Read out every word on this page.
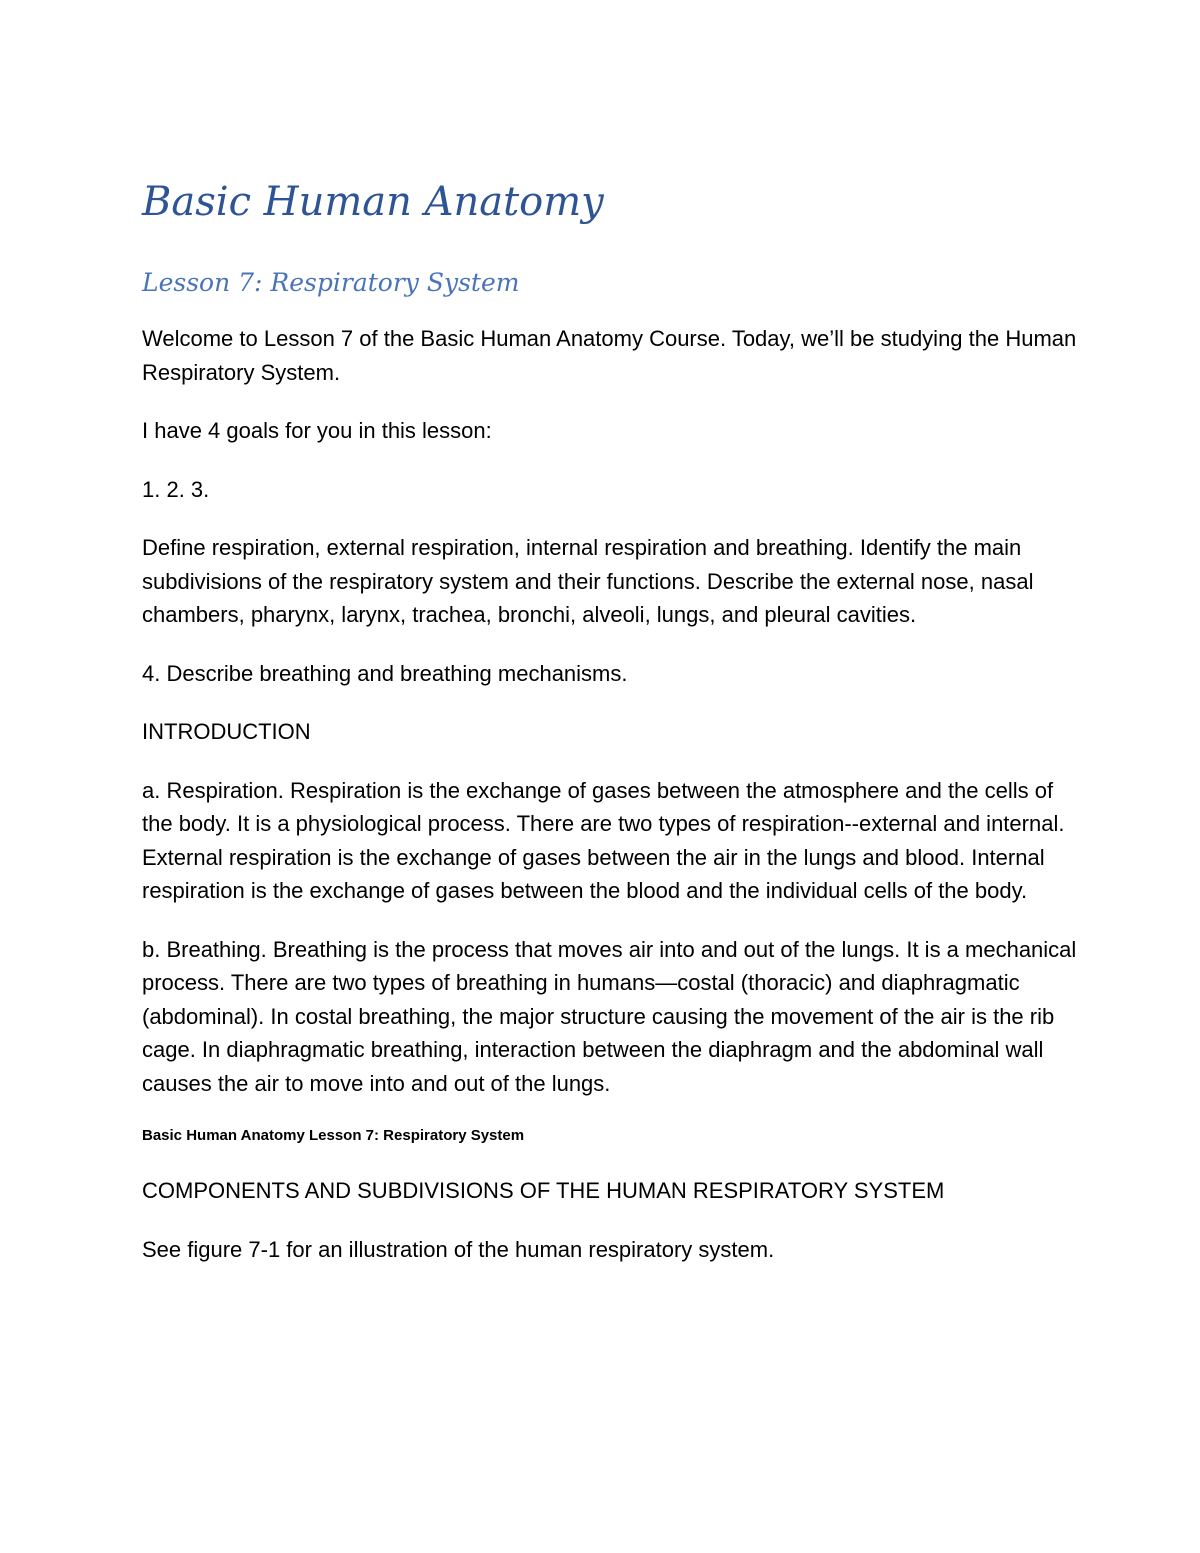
Basic Human Anatomy
Lesson 7: Respiratory System

Welcome to Lesson 7 of the Basic Human Anatomy Course. Today, we’ll be studying the Human Respiratory System.

I have 4 goals for you in this lesson:

1. 2. 3.

Define respiration, external respiration, internal respiration and breathing. Identify the main subdivisions of the respiratory system and their functions. Describe the external nose, nasal chambers, pharynx, larynx, trachea, bronchi, alveoli, lungs, and pleural cavities.

4. Describe breathing and breathing mechanisms.

INTRODUCTION

a. Respiration. Respiration is the exchange of gases between the atmosphere and the cells of the body. It is a physiological process. There are two types of respiration--external and internal. External respiration is the exchange of gases between the air in the lungs and blood. Internal respiration is the exchange of gases between the blood and the individual cells of the body.

b. Breathing. Breathing is the process that moves air into and out of the lungs. It is a mechanical process. There are two types of breathing in humans—costal (thoracic) and diaphragmatic (abdominal). In costal breathing, the major structure causing the movement of the air is the rib cage. In diaphragmatic breathing, interaction between the diaphragm and the abdominal wall causes the air to move into and out of the lungs.

Basic Human Anatomy Lesson 7: Respiratory System

COMPONENTS AND SUBDIVISIONS OF THE HUMAN RESPIRATORY SYSTEM

See figure 7-1 for an illustration of the human respiratory system.
